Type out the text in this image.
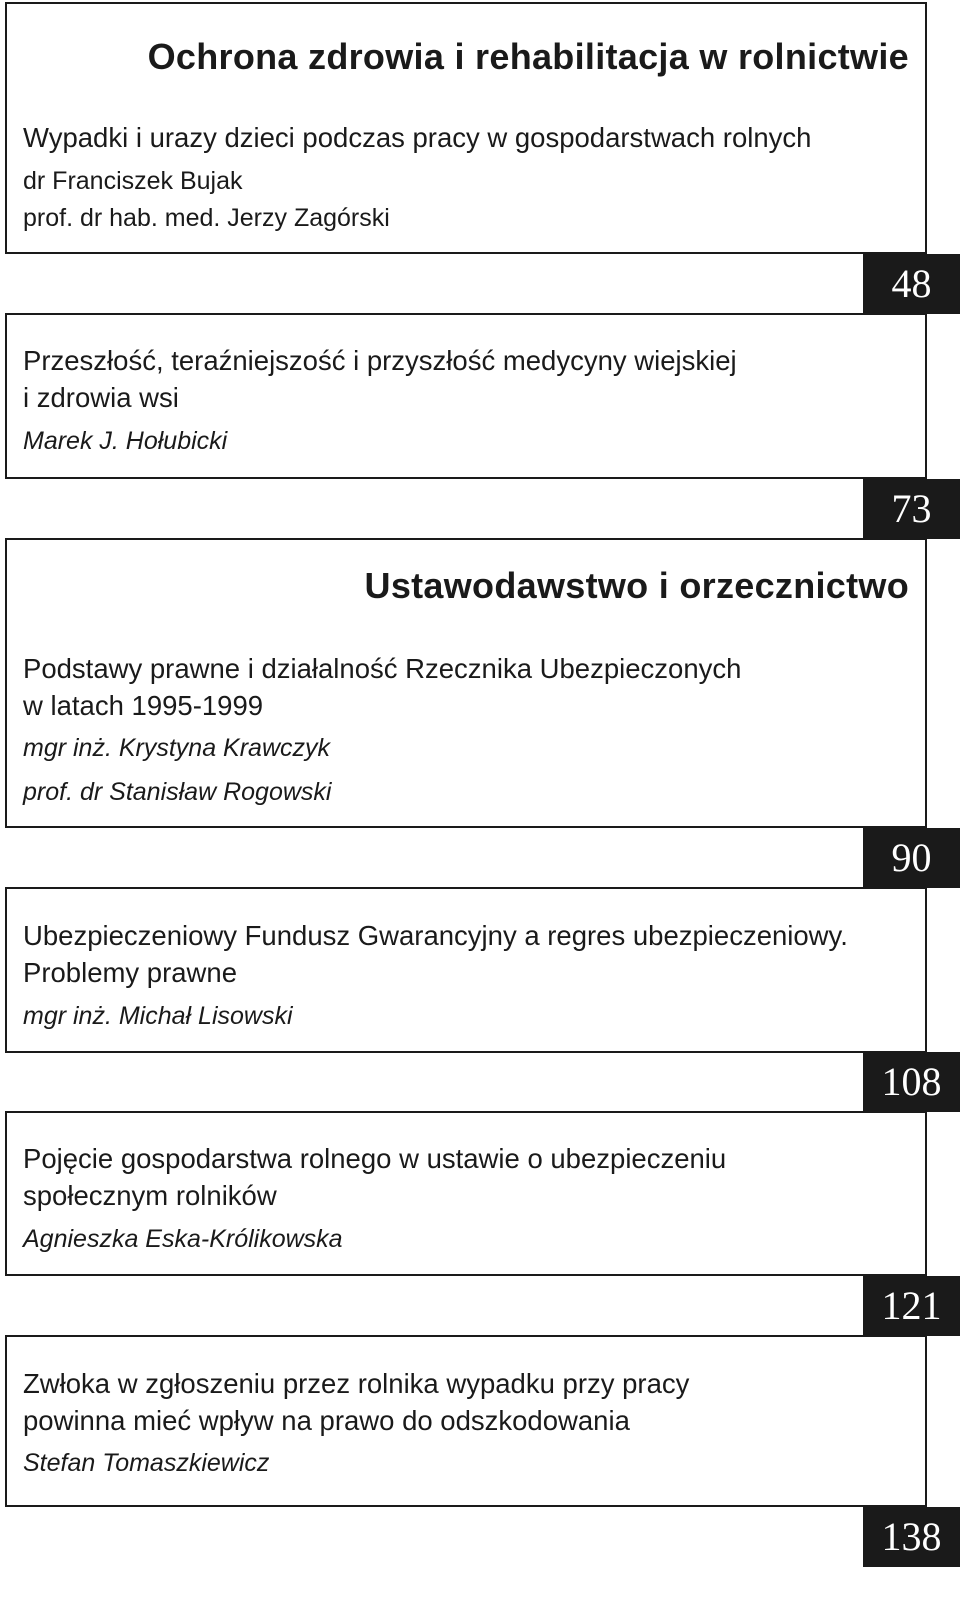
Ochrona zdrowia i rehabilitacja w rolnictwie

Wypadki i urazy dzieci podczas pracy w gospodarstwach rolnych

dr Franciszek Bujak

prof. dr hab. med. Jerzy Zagórski

48

Przeszłość, teraźniejszość i przyszłość medycyny wiejskiej

i zdrowia wsi

Marek J. Hołubicki

73
Ustawodawstwo i orzecznictwo

Podstawy prawne i działalność Rzecznika Ubezpieczonych

w latach 1995-1999

mgr inż. Krystyna Krawczyk

prof. dr Stanisław Rogowski

90

Ubezpieczeniowy Fundusz Gwarancyjny a regres ubezpieczeniowy.

Problemy prawne

mgr inż. Michał Lisowski

108

Pojęcie gospodarstwa rolnego w ustawie o ubezpieczeniu

społecznym rolników

Agnieszka Eska-Królikowska

121

Zwłoka w zgłoszeniu przez rolnika wypadku przy pracy

powinna mieć wpływ na prawo do odszkodowania

Stefan Tomaszkiewicz

138
